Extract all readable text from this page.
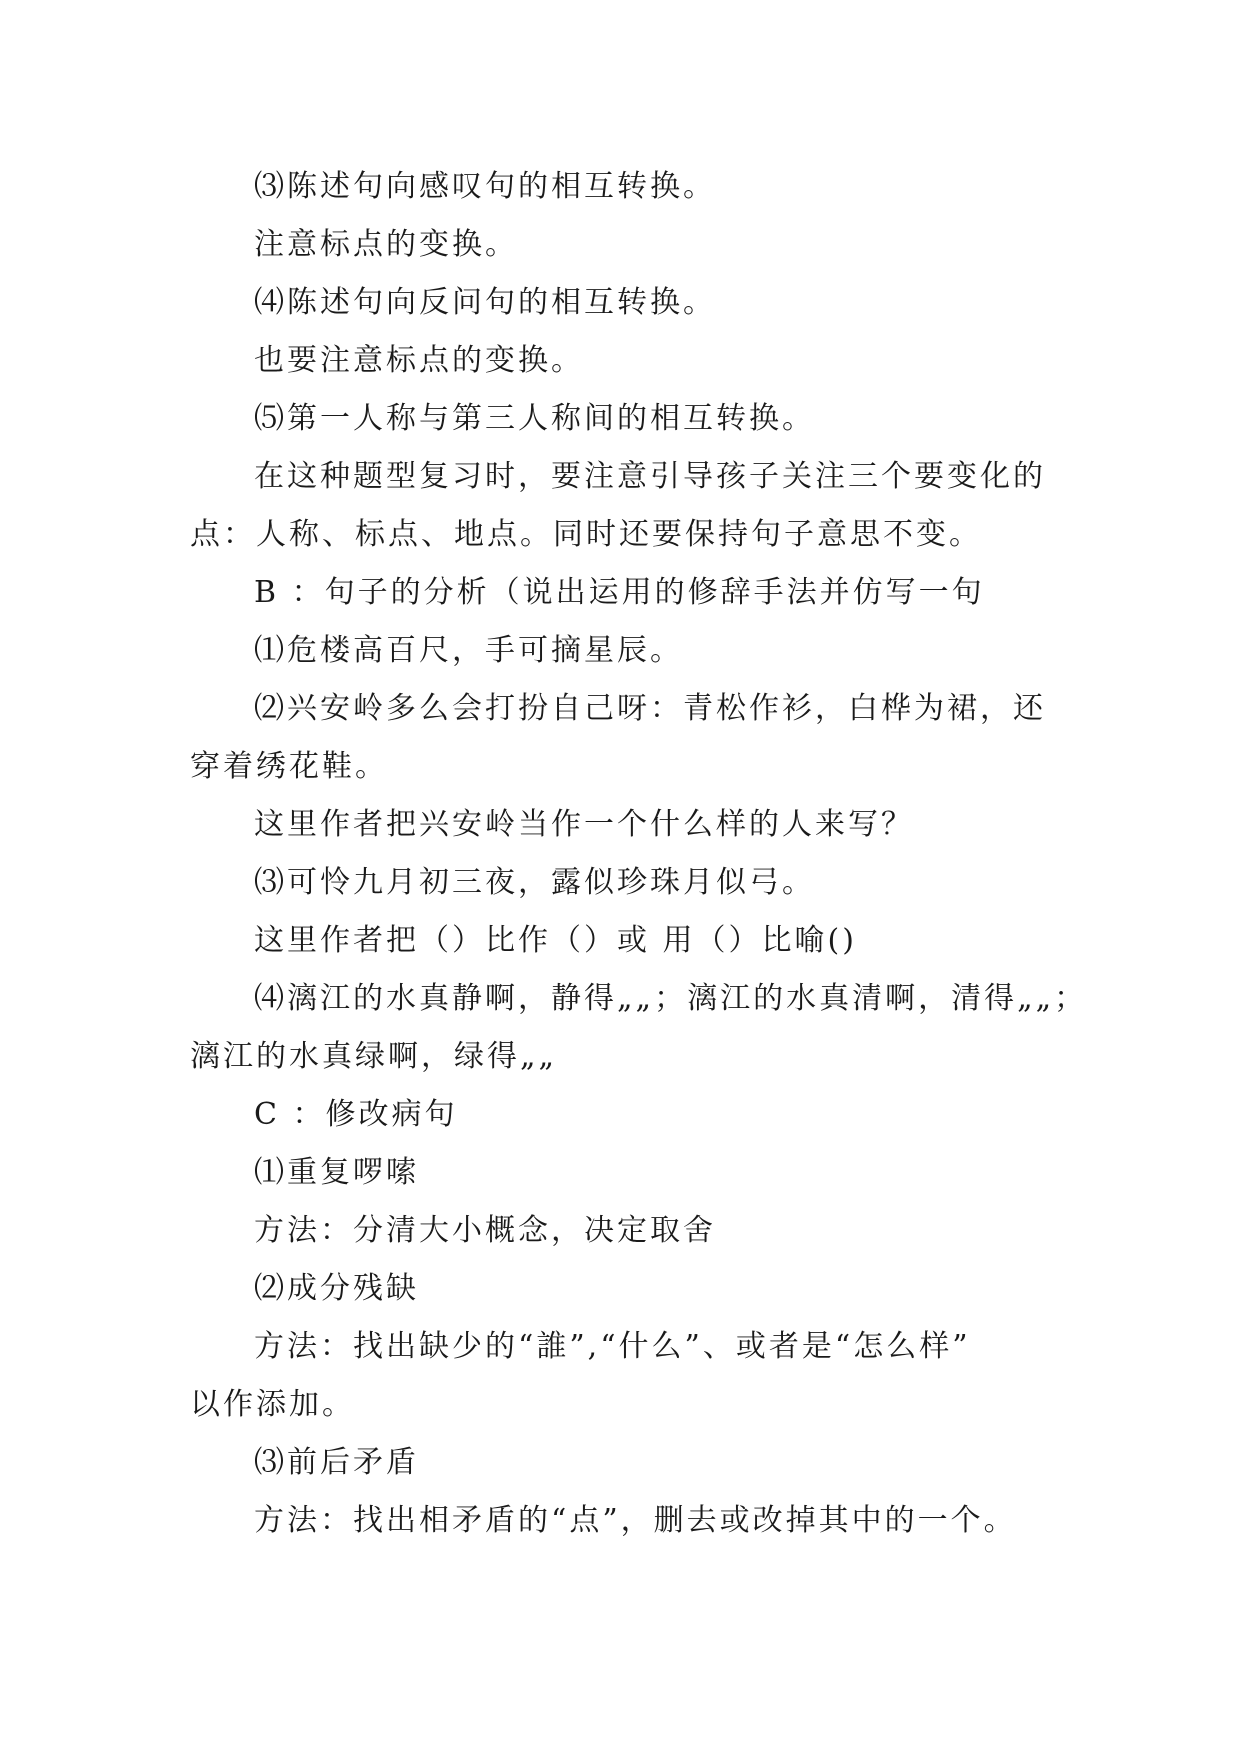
⑶陈述句向感叹句的相互转换。
注意标点的变换。
⑷陈述句向反问句的相互转换。
也要注意标点的变换。
⑸第一人称与第三人称间的相互转换。
在这种题型复习时，要注意引导孩子关注三个要变化的
点：人称、标点、地点。同时还要保持句子意思不变。
B ：句子的分析（说出运用的修辞手法并仿写一句
⑴危楼高百尺，手可摘星辰。
⑵兴安岭多么会打扮自己呀：青松作衫，白桦为裙，还
穿着绣花鞋。
这里作者把兴安岭当作一个什么样的人来写？
⑶可怜九月初三夜，露似珍珠月似弓。
这里作者把（）比作（）或 用（）比喻()
⑷漓江的水真静啊，静得„„；漓江的水真清啊，清得„„；
漓江的水真绿啊，绿得„„
C ：修改病句
⑴重复啰嗦
方法：分清大小概念，决定取舍
⑵成分残缺
方法：找出缺少的“誰”,“什么”、或者是“怎么样”
以作添加。
⑶前后矛盾
方法：找出相矛盾的“点”，删去或改掉其中的一个。
